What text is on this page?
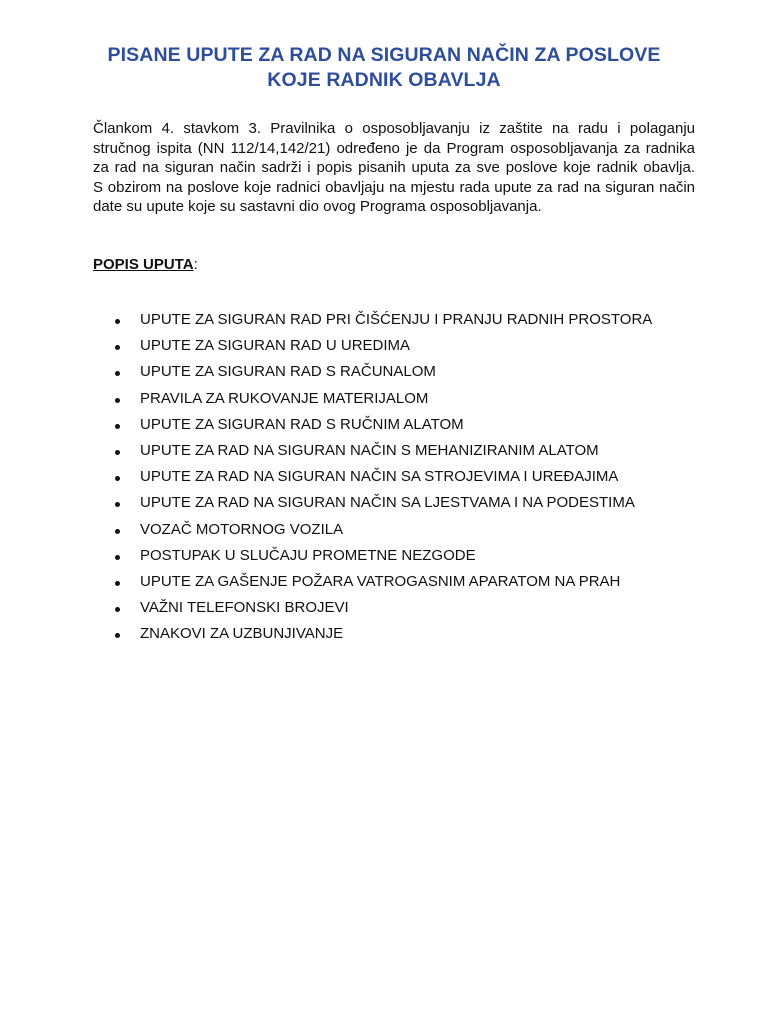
PISANE UPUTE ZA RAD NA SIGURAN NAČIN ZA POSLOVE
KOJE RADNIK OBAVLJA
Člankom 4. stavkom 3. Pravilnika o osposobljavanju iz zaštite na radu i polaganju
stručnog ispita (NN 112/14,142/21) određeno je da Program osposobljavanja za radnika
za rad na siguran način sadrži i popis pisanih uputa za sve poslove koje radnik obavlja.
S obzirom na poslove koje radnici obavljaju na mjestu rada upute za rad na siguran način
date su upute koje su sastavni dio ovog Programa osposobljavanja.
POPIS UPUTA:
UPUTE ZA SIGURAN RAD PRI ČIŠĆENJU I PRANJU RADNIH PROSTORA
UPUTE ZA SIGURAN RAD U UREDIMA
UPUTE ZA SIGURAN RAD S RAČUNALOM
PRAVILA ZA RUKOVANJE MATERIJALOM
UPUTE ZA SIGURAN RAD S RUČNIM ALATOM
UPUTE ZA RAD NA SIGURAN NAČIN S MEHANIZIRANIM ALATOM
UPUTE ZA RAD NA SIGURAN NAČIN SA STROJEVIMA I UREĐAJIMA
UPUTE ZA RAD NA SIGURAN NAČIN SA LJESTVAMA I NA PODESTIMA
VOZAČ MOTORNOG VOZILA
POSTUPAK U SLUČAJU PROMETNE NEZGODE
UPUTE ZA GAŠENJE POŽARA VATROGASNIM APARATOM NA PRAH
VAŽNI TELEFONSKI BROJEVI
ZNAKOVI ZA UZBUNJIVANJE
